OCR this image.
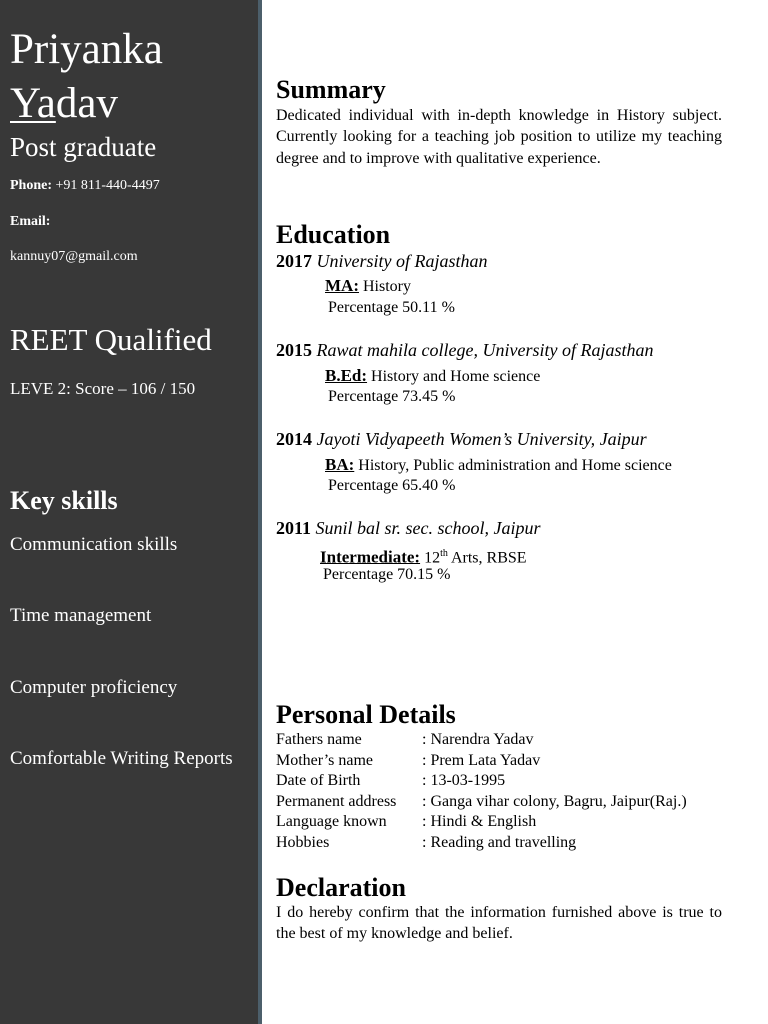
Priyanka
Yadav
Post graduate
Phone: +91 811-440-4497
Email:
kannuy07@gmail.com
REET Qualified
LEVE 2: Score – 106 / 150
Key skills
Communication skills
Time management
Computer proficiency
Comfortable Writing Reports
Summary
Dedicated individual with in-depth knowledge in History subject. Currently looking for a teaching job position to utilize my teaching degree and to improve with qualitative experience.
Education
2017 University of Rajasthan
MA: History
Percentage 50.11 %
2015 Rawat mahila college, University of Rajasthan
B.Ed: History and Home science
Percentage 73.45 %
2014 Jayoti Vidyapeeth Women’s University, Jaipur
BA: History, Public administration and Home science
Percentage 65.40 %
2011 Sunil bal sr. sec. school, Jaipur
Intermediate: 12th Arts, RBSE
Percentage 70.15 %
Personal Details
Fathers name	: Narendra Yadav
Mother’s name	: Prem Lata Yadav
Date of Birth	: 13-03-1995
Permanent address : Ganga vihar colony, Bagru, Jaipur(Raj.)
Language known : Hindi & English
Hobbies	: Reading and travelling
Declaration
I do hereby confirm that the information furnished above is true to the best of my knowledge and belief.
